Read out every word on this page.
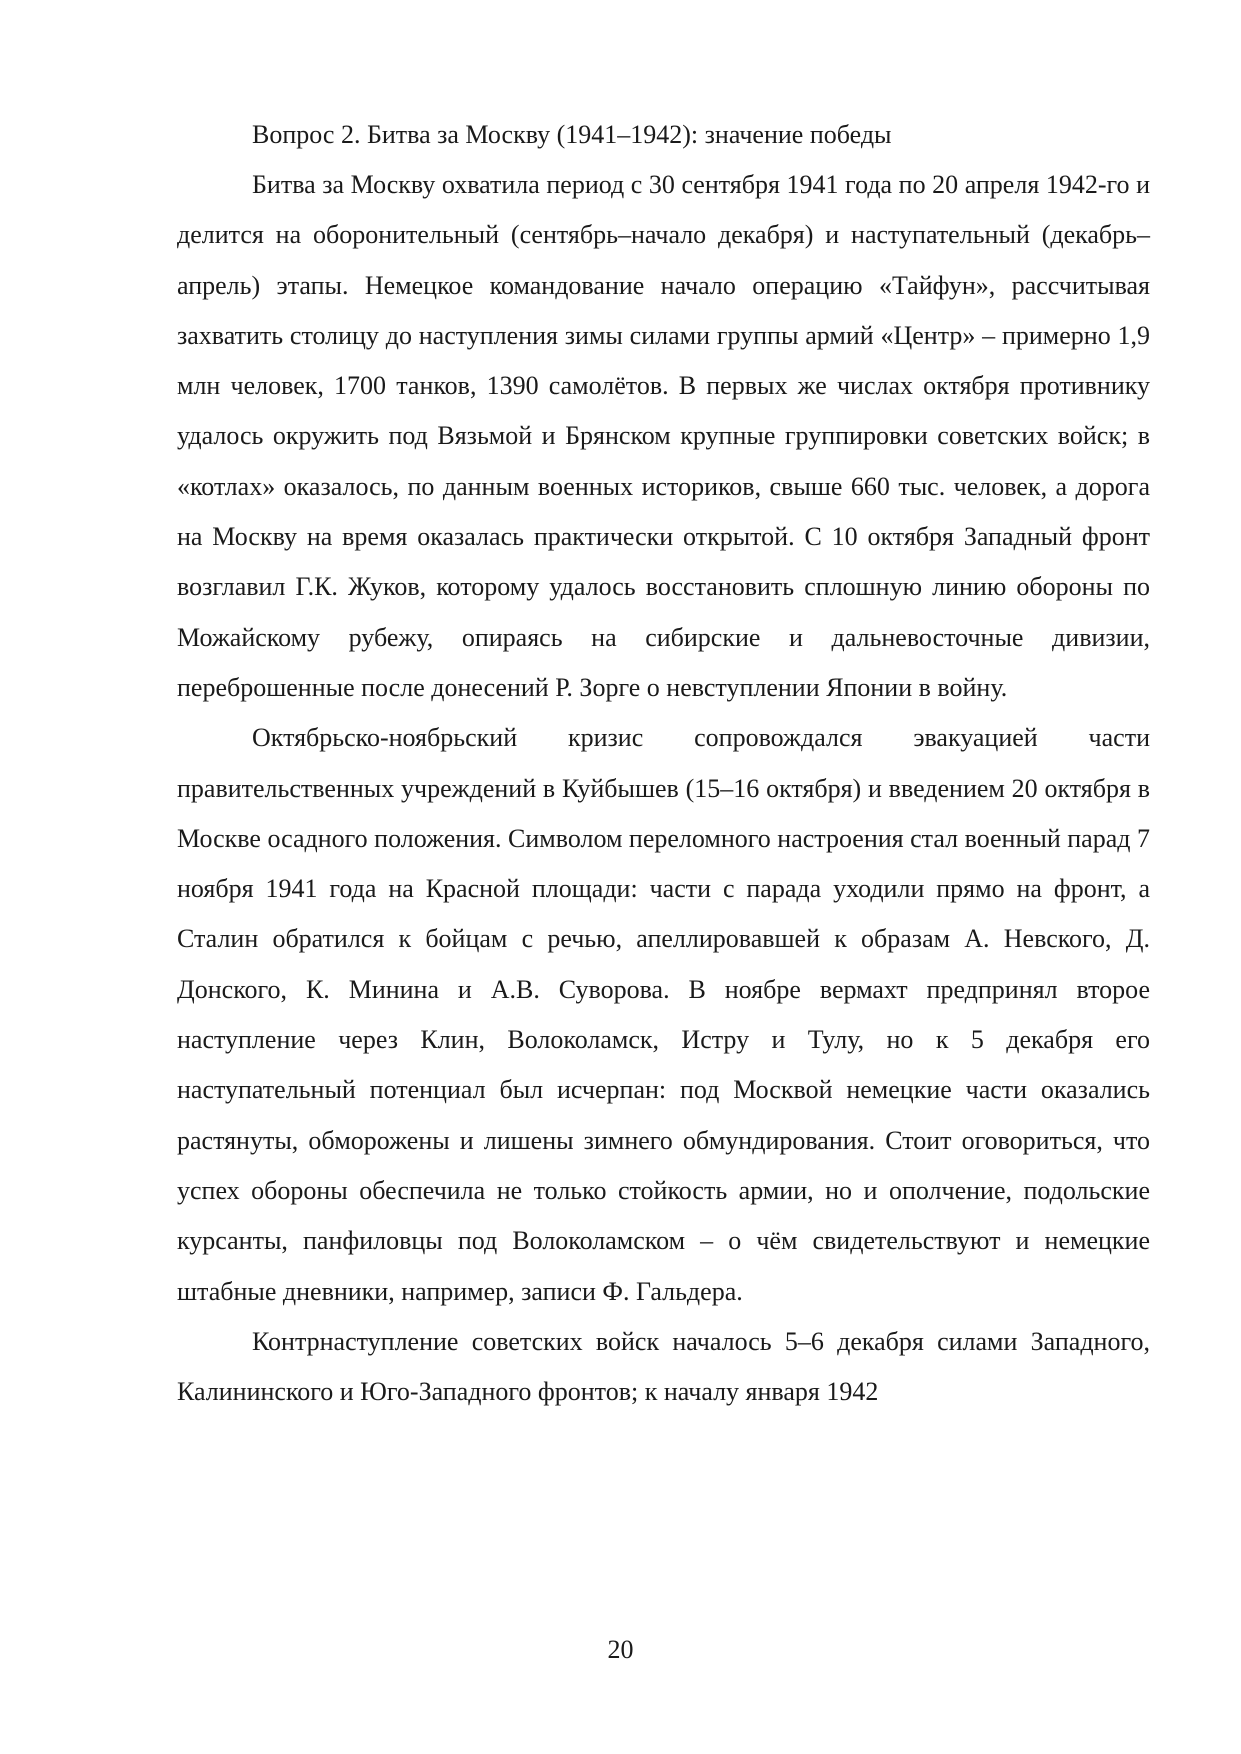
Вопрос 2. Битва за Москву (1941–1942): значение победы

Битва за Москву охватила период с 30 сентября 1941 года по 20 апреля 1942-го и делится на оборонительный (сентябрь–начало декабря) и наступательный (декабрь–апрель) этапы. Немецкое командование начало операцию «Тайфун», рассчитывая захватить столицу до наступления зимы силами группы армий «Центр» – примерно 1,9 млн человек, 1700 танков, 1390 самолётов. В первых же числах октября противнику удалось окружить под Вязьмой и Брянском крупные группировки советских войск; в «котлах» оказалось, по данным военных историков, свыше 660 тыс. человек, а дорога на Москву на время оказалась практически открытой. С 10 октября Западный фронт возглавил Г.К. Жуков, которому удалось восстановить сплошную линию обороны по Можайскому рубежу, опираясь на сибирские и дальневосточные дивизии, переброшенные после донесений Р. Зорге о невступлении Японии в войну.

Октябрьско-ноябрьский кризис сопровождался эвакуацией части правительственных учреждений в Куйбышев (15–16 октября) и введением 20 октября в Москве осадного положения. Символом переломного настроения стал военный парад 7 ноября 1941 года на Красной площади: части с парада уходили прямо на фронт, а Сталин обратился к бойцам с речью, апеллировавшей к образам А. Невского, Д. Донского, К. Минина и А.В. Суворова. В ноябре вермахт предпринял второе наступление через Клин, Волоколамск, Истру и Тулу, но к 5 декабря его наступательный потенциал был исчерпан: под Москвой немецкие части оказались растянуты, обморожены и лишены зимнего обмундирования. Стоит оговориться, что успех обороны обеспечила не только стойкость армии, но и ополчение, подольские курсанты, панфиловцы под Волоколамском – о чём свидетельствуют и немецкие штабные дневники, например, записи Ф. Гальдера.

Контрнаступление советских войск началось 5–6 декабря силами Западного, Калининского и Юго-Западного фронтов; к началу января 1942

20
